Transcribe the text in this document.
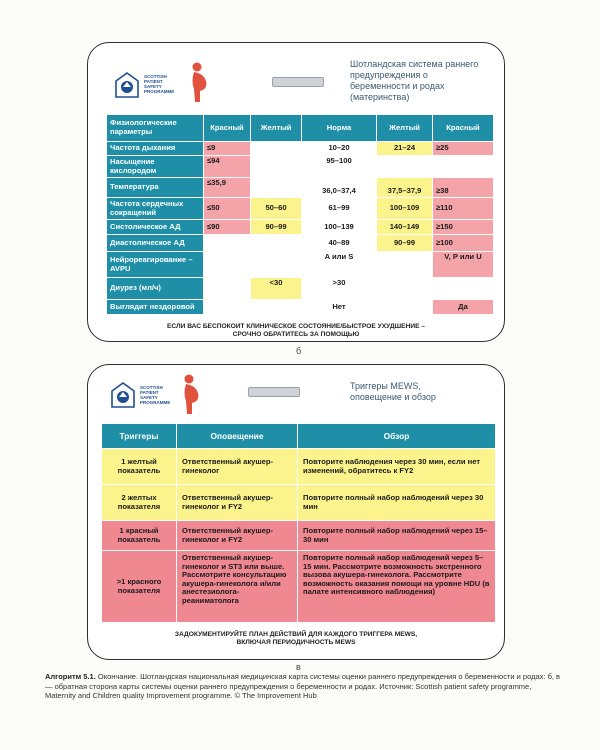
SCOTTISH
PATIENT
SAFETY
PROGRAMME
Шотландская система раннего предупреждения о беременности и родах (материнства)
Физиологические параметры	Красный	Желтый	Норма	Желтый	Красный
Частота дыхания	≤9		10–20	21–24	≥25
Насыщение кислородом	≤94		95–100		
Температура	≤35,9		36,0–37,4	37,5–37,9	≥38
Частота сердечных сокращений	≤50	50–60	61–99	100–109	≥110
Систолическое АД	≤90	90–99	100–139	140–149	≥150
Диастолическое АД			40–89	90–99	≥100
Нейрореагирование – AVPU			A или S		V, P или U
Диурез (мл/ч)		<30	>30		
Выглядит нездоровой			Нет		Да
ЕСЛИ ВАС БЕСПОКОИТ КЛИНИЧЕСКОЕ СОСТОЯНИЕ/БЫСТРОЕ УХУДШЕНИЕ –
СРОЧНО ОБРАТИТЕСЬ ЗА ПОМОЩЬЮ
б
SCOTTISH
PATIENT
SAFETY
PROGRAMME
Триггеры MEWS, оповещение и обзор
Триггеры	Оповещение	Обзор
1 желтый показатель	Ответственный акушер-гинеколог	Повторите наблюдения через 30 мин, если нет изменений, обратитесь к FY2
2 желтых показателя	Ответственный акушер-гинеколог и FY2	Повторите полный набор наблюдений через 30 мин
1 красный показатель	Ответственный акушер-гинеколог и FY2	Повторите полный набор наблюдений через 15–30 мин
>1 красного показателя	Ответственный акушер-гинеколог и ST3 или выше. Рассмотрите консультацию акушера-гинеколога и/или анестезиолога-реаниматолога	Повторите полный набор наблюдений через 5–15 мин. Рассмотрите возможность экстренного вызова акушера-гинеколога. Рассмотрите возможность оказания помощи на уровне HDU (в палате интенсивного наблюдения)
ЗАДОКУМЕНТИРУЙТЕ ПЛАН ДЕЙСТВИЙ ДЛЯ КАЖДОГО ТРИГГЕРА MEWS,
ВКЛЮЧАЯ ПЕРИОДИЧНОСТЬ MEWS
в
Алгоритм 5.1. Окончание. Шотландская национальная медицинская карта системы оценки раннего предупреждения о беременности и родах: б, в — обратная сторона карты системы оценки раннего предупреждения о беременности и родах. Источник: Scottish patient safety programme, Maternity and Children quality Improvement programme. © The Improvement Hub
